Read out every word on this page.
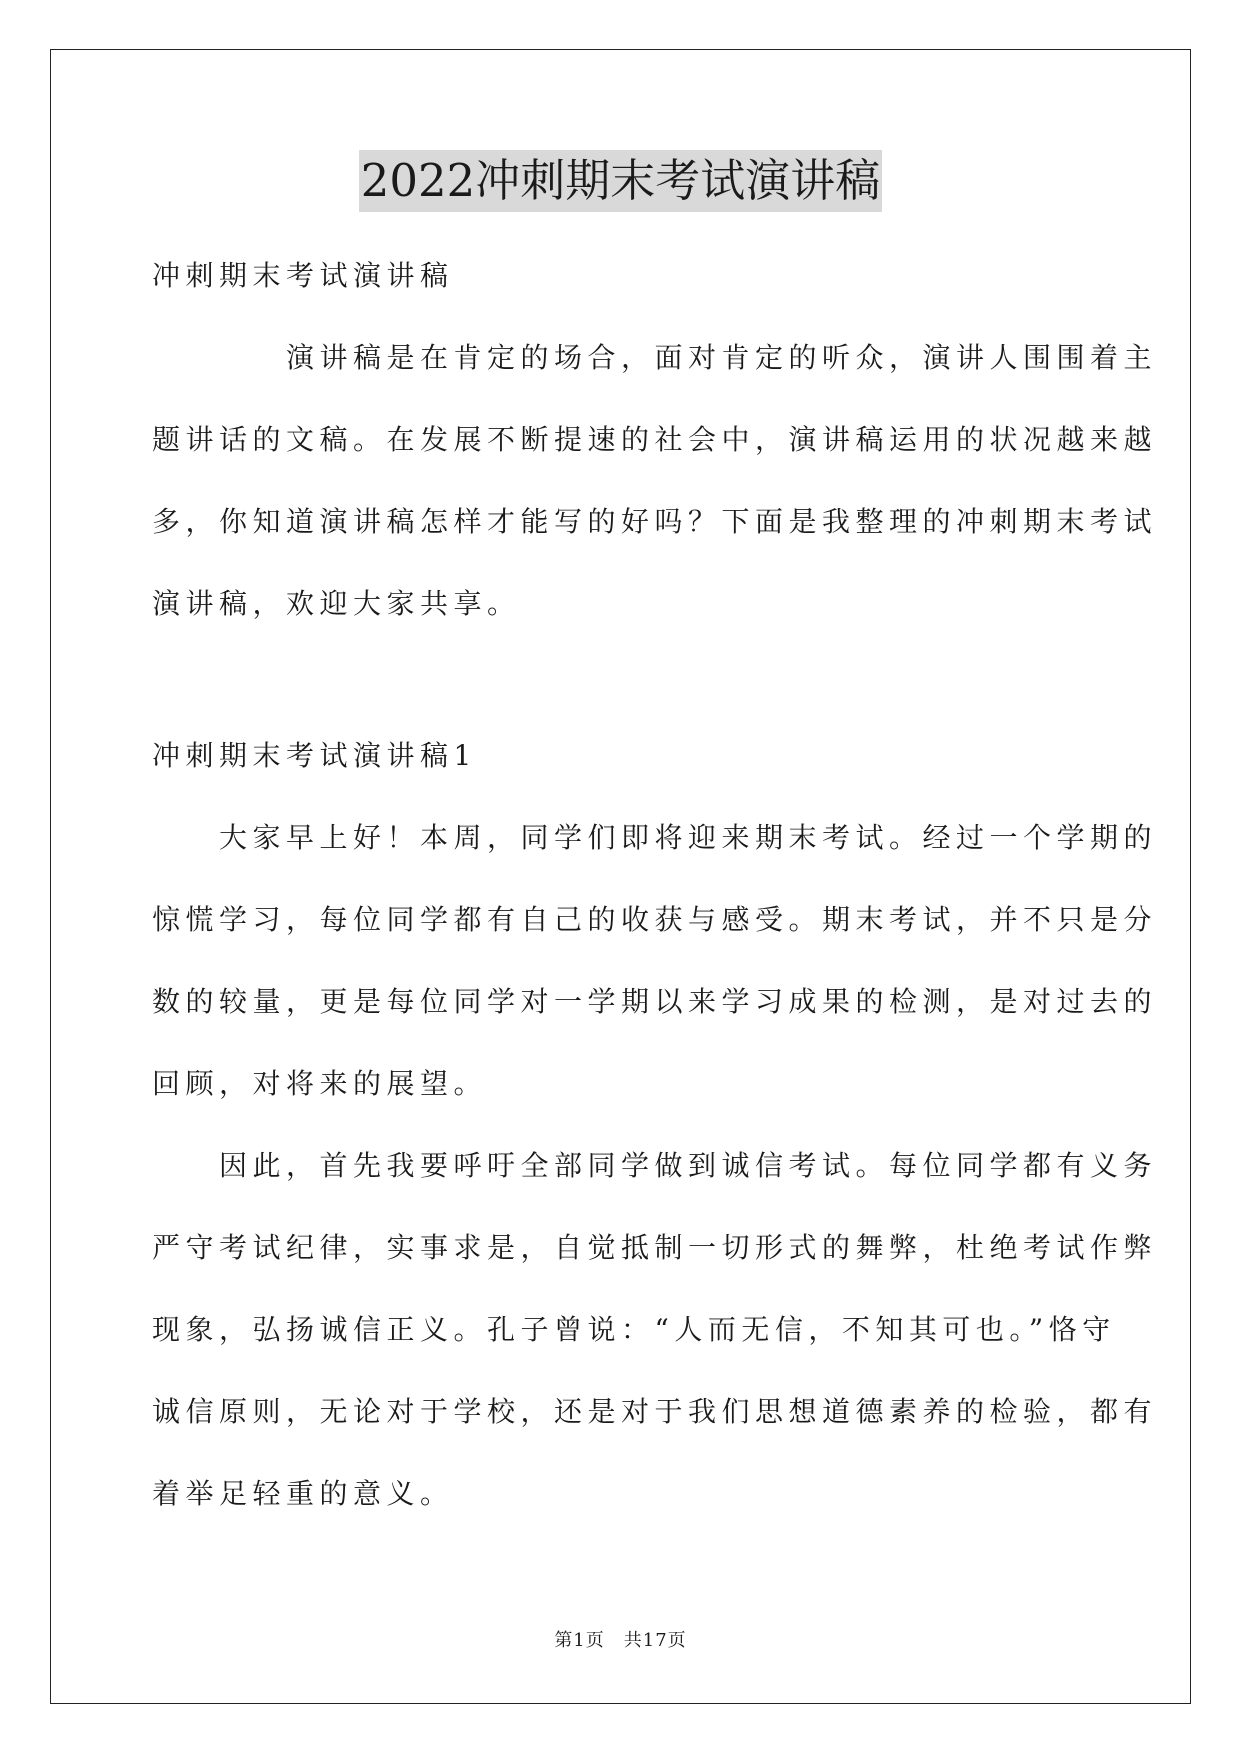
2022冲刺期末考试演讲稿
冲刺期末考试演讲稿
　　　　演讲稿是在肯定的场合，面对肯定的听众，演讲人围围着主
题讲话的文稿。在发展不断提速的社会中，演讲稿运用的状况越来越
多，你知道演讲稿怎样才能写的好吗？下面是我整理的冲刺期末考试
演讲稿，欢迎大家共享。
冲刺期末考试演讲稿1
　　大家早上好！本周，同学们即将迎来期末考试。经过一个学期的
惊慌学习，每位同学都有自己的收获与感受。期末考试，并不只是分
数的较量，更是每位同学对一学期以来学习成果的检测，是对过去的
回顾，对将来的展望。
　　因此，首先我要呼吁全部同学做到诚信考试。每位同学都有义务
严守考试纪律，实事求是，自觉抵制一切形式的舞弊，杜绝考试作弊
现象，弘扬诚信正义。孔子曾说：“人而无信，不知其可也。”恪守
诚信原则，无论对于学校，还是对于我们思想道德素养的检验，都有
着举足轻重的意义。
第1页　共17页
